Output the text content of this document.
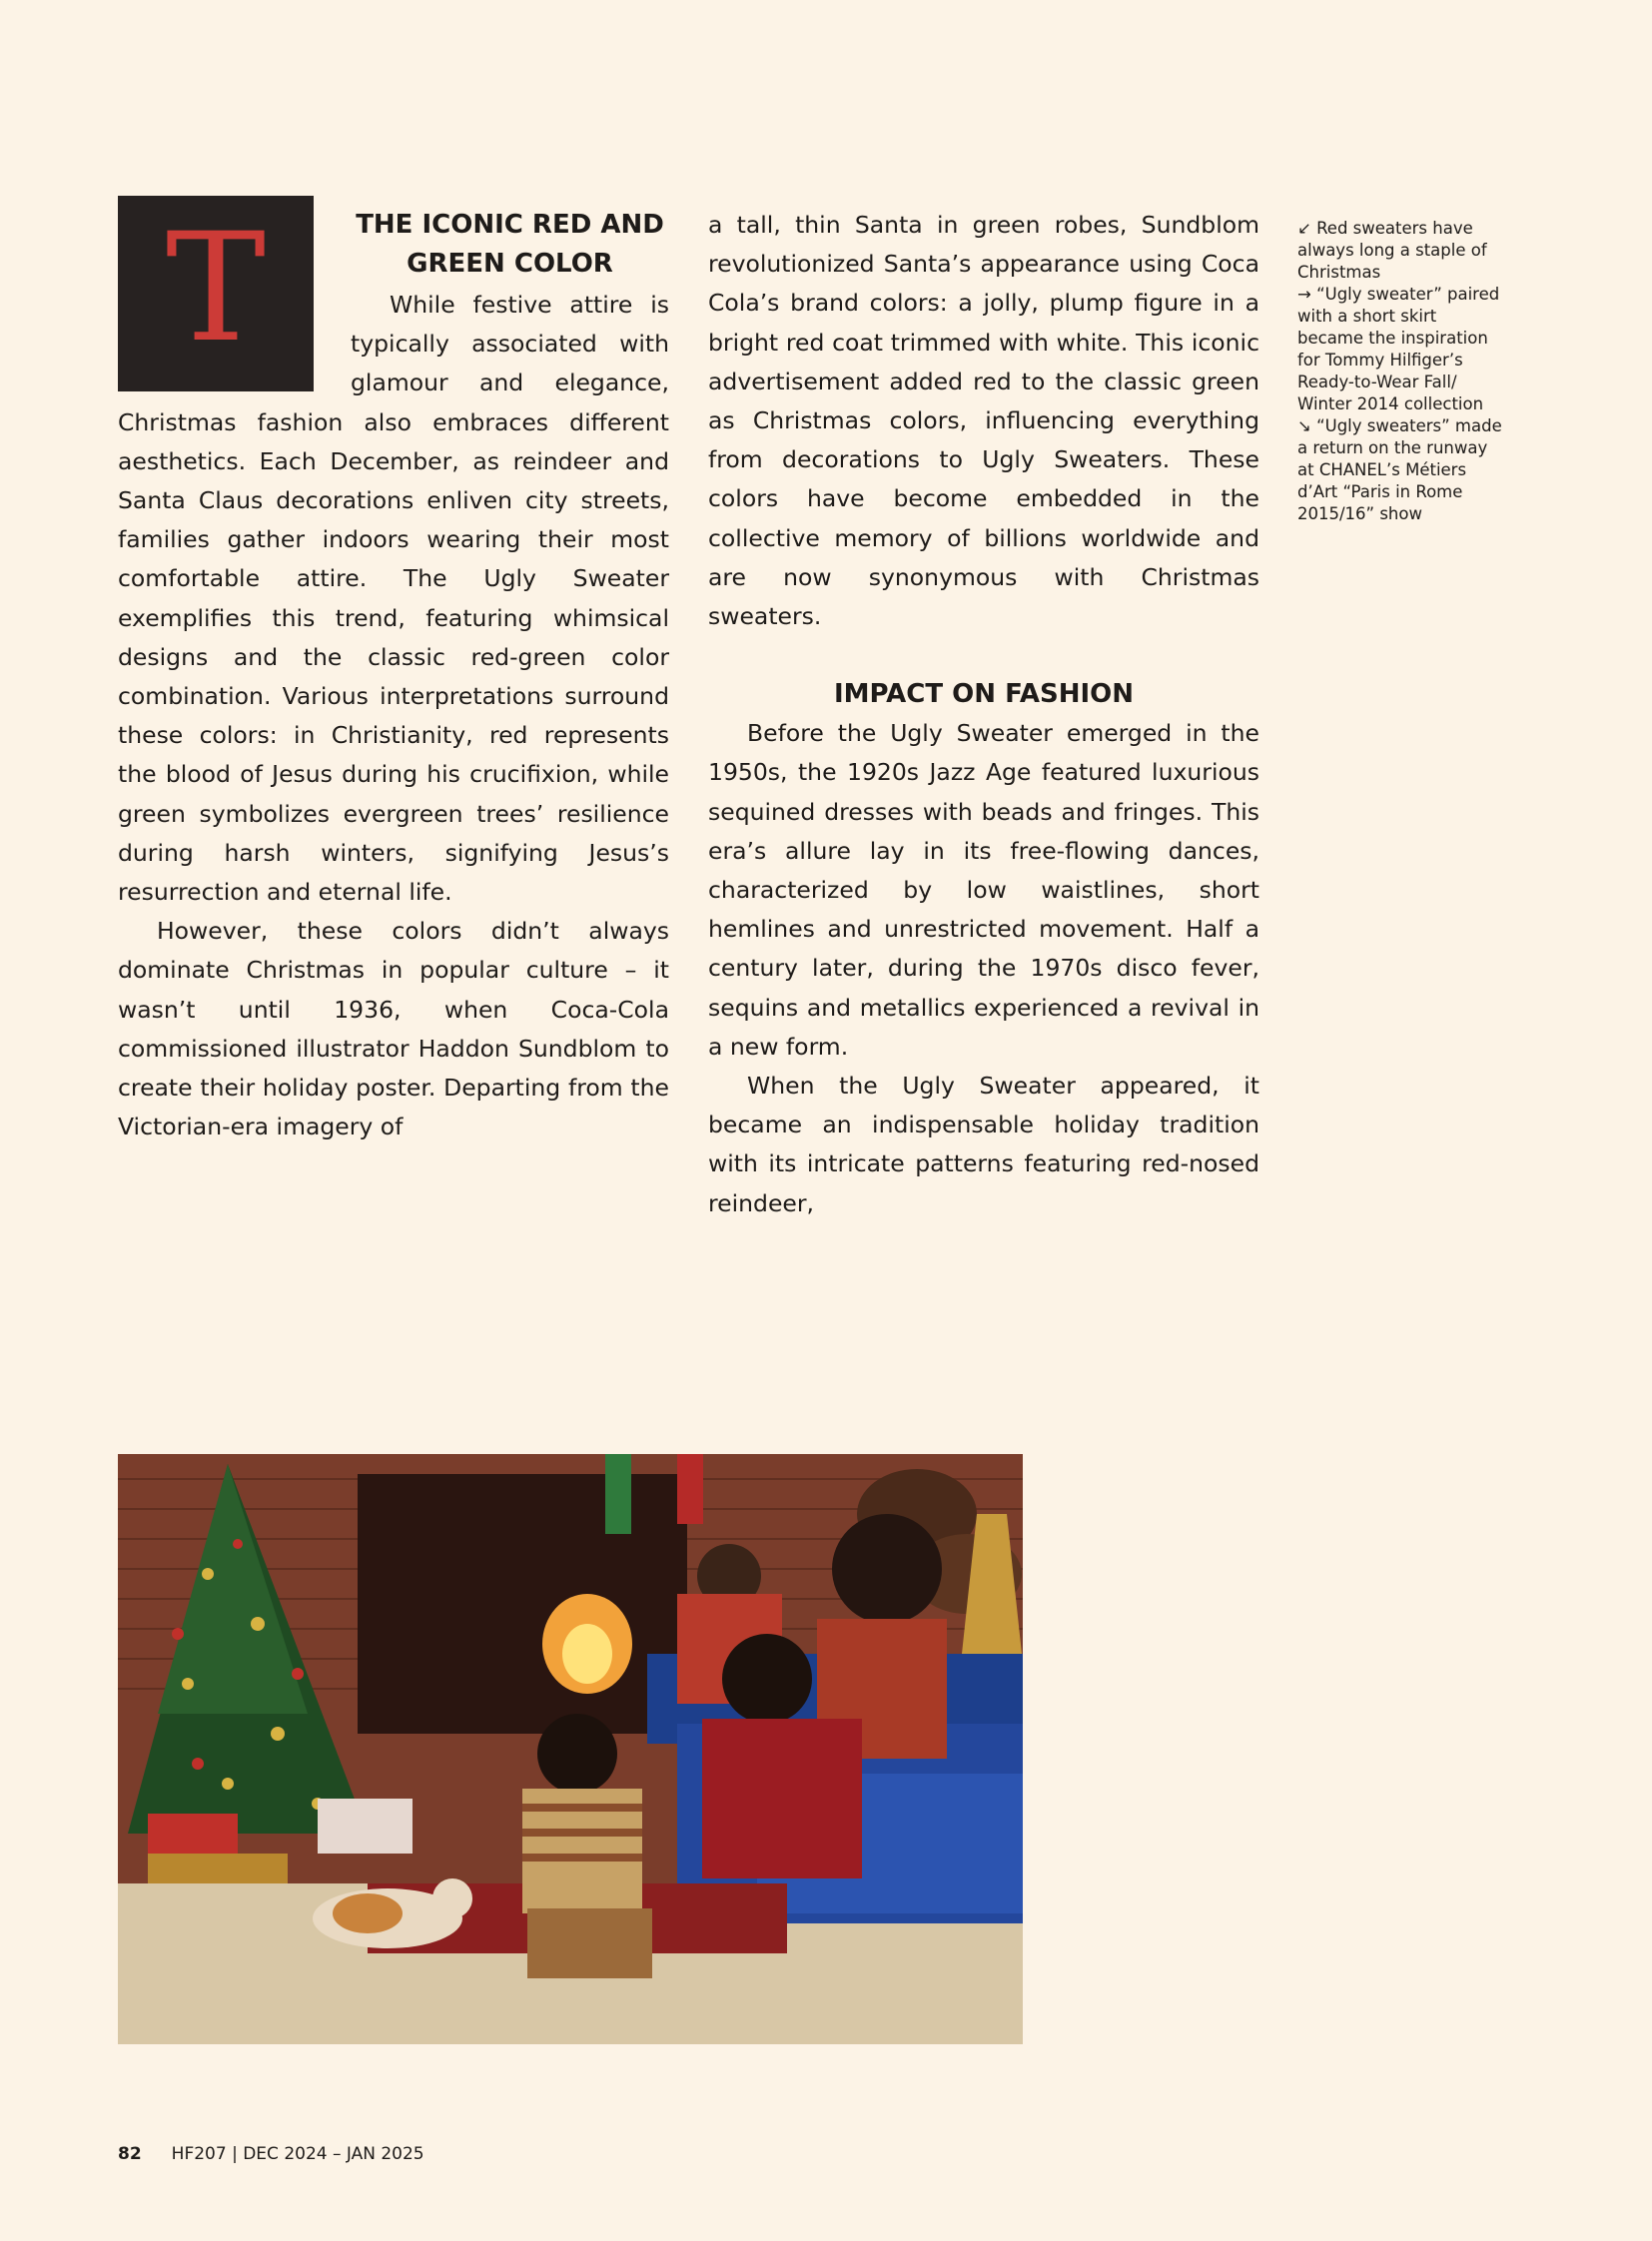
T	THE ICONIC RED AND GREEN COLOR

While festive attire is typically associated with glamour and elegance, Christmas fashion also embraces different aesthetics. Each December, as reindeer and Santa Claus decorations enliven city streets, families gather indoors wearing their most comfortable attire. The Ugly Sweater exemplifies this trend, featuring whimsical designs and the classic red-green color combination. Various interpretations surround these colors: in Christianity, red represents the blood of Jesus during his crucifixion, while green symbolizes evergreen trees’ resilience during harsh winters, signifying Jesus’s resurrection and eternal life.

However, these colors didn’t always dominate Christmas in popular culture – it wasn’t until 1936, when Coca-Cola commissioned illustrator Haddon Sundblom to create their holiday poster. Departing from the Victorian-era imagery of

a tall, thin Santa in green robes, Sundblom revolutionized Santa’s appearance using Coca Cola’s brand colors: a jolly, plump figure in a bright red coat trimmed with white. This iconic advertisement added red to the classic green as Christmas colors, influencing everything from decorations to Ugly Sweaters. These colors have become embedded in the collective memory of billions worldwide and are now synonymous with Christmas sweaters.

IMPACT ON FASHION

Before the Ugly Sweater emerged in the 1950s, the 1920s Jazz Age featured luxurious sequined dresses with beads and fringes. This era’s allure lay in its free-flowing dances, characterized by low waistlines, short hemlines and unrestricted movement. Half a century later, during the 1970s disco fever, sequins and metallics experienced a revival in a new form.

When the Ugly Sweater appeared, it became an indispensable holiday tradition with its intricate patterns featuring red-nosed reindeer,

↙ Red sweaters have always long a staple of Christmas
→ “Ugly sweater” paired with a short skirt became the inspiration for Tommy Hilfiger’s Ready-to-Wear Fall/ Winter 2014 collection
↘ “Ugly sweaters” made a return on the runway at CHANEL’s Métiers d’Art “Paris in Rome 2015/16” show
82 HF207 | DEC 2024 – JAN 2025
